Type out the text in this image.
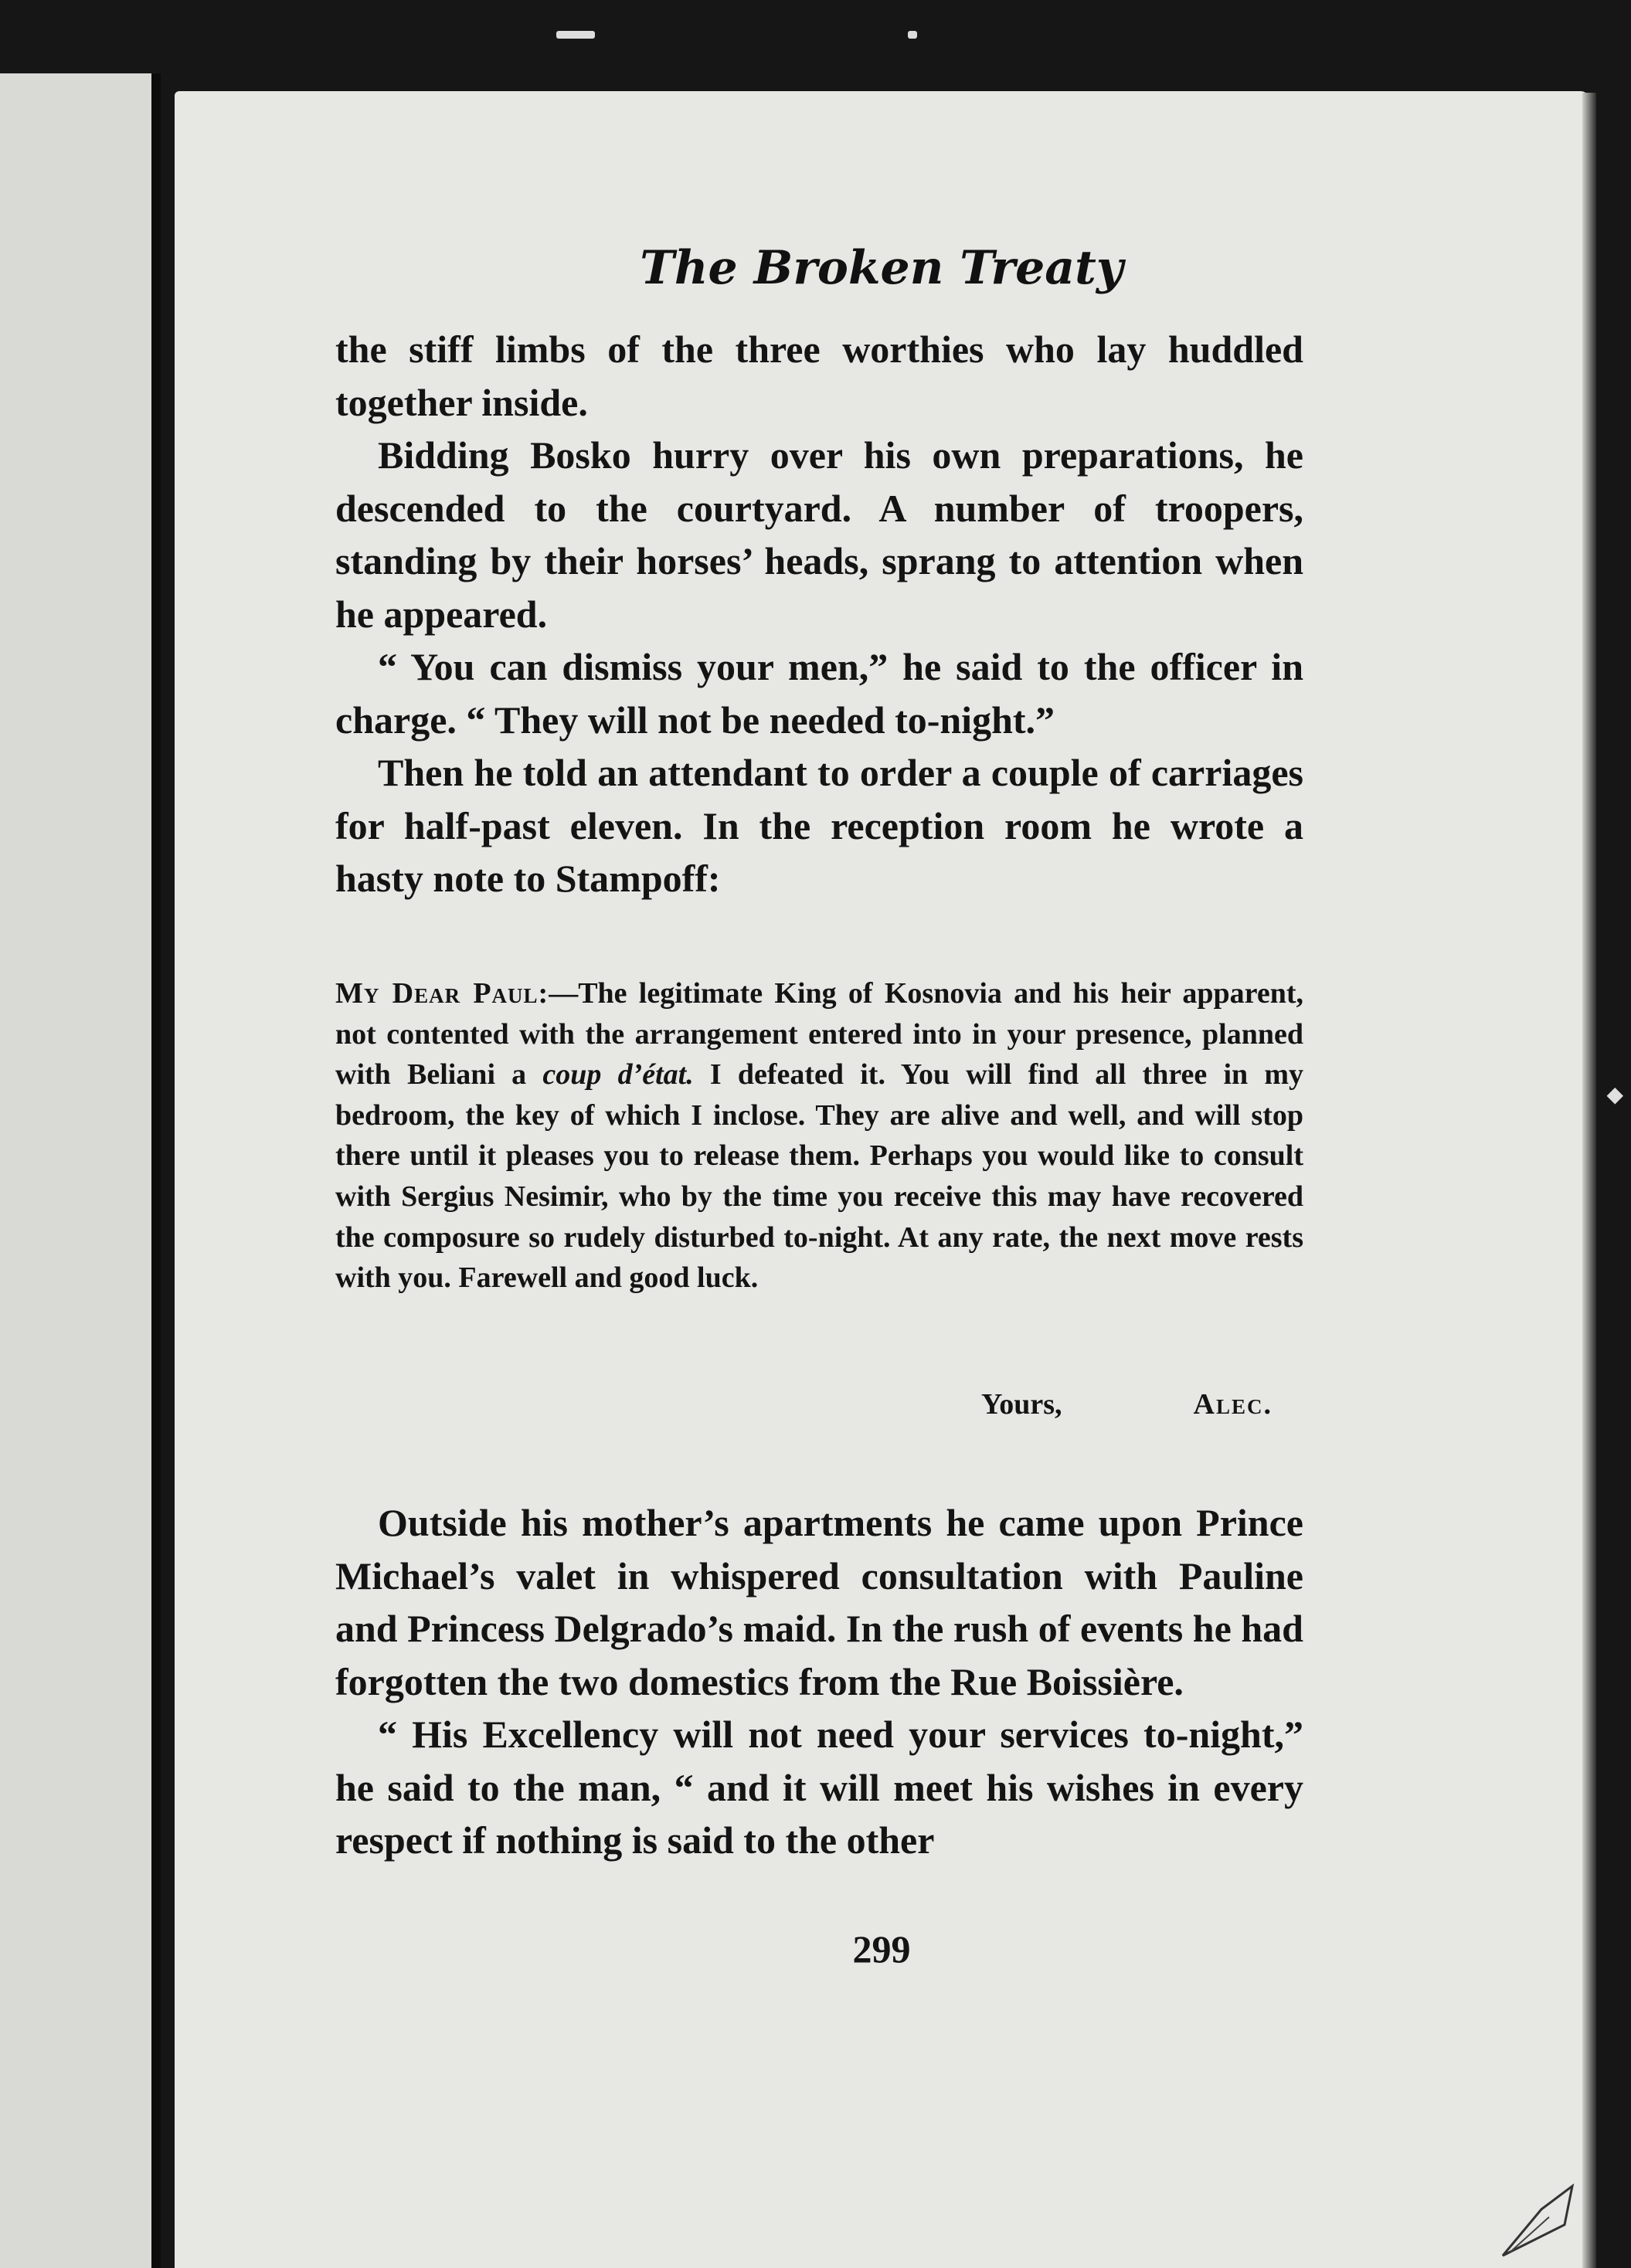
◆
The Broken Treaty

the stiff limbs of the three worthies who lay huddled together inside.

Bidding Bosko hurry over his own preparations, he descended to the courtyard. A number of troopers, standing by their horses’ heads, sprang to attention when he appeared.

“ You can dismiss your men,” he said to the officer in charge. “ They will not be needed to-night.”

Then he told an attendant to order a couple of carriages for half-past eleven. In the reception room he wrote a hasty note to Stampoff:

My Dear Paul:—The legitimate King of Kosnovia and his heir apparent, not contented with the arrangement entered into in your presence, planned with Beliani a coup d’état. I defeated it. You will find all three in my bedroom, the key of which I inclose. They are alive and well, and will stop there until it pleases you to release them. Perhaps you would like to consult with Sergius Nesimir, who by the time you receive this may have recovered the composure so rudely disturbed to-night. At any rate, the next move rests with you. Farewell and good luck.

Yours,	Alec.

Outside his mother’s apartments he came upon Prince Michael’s valet in whispered consultation with Pauline and Princess Delgrado’s maid. In the rush of events he had forgotten the two domestics from the Rue Boissière.

“ His Excellency will not need your services to-night,” he said to the man, “ and it will meet his wishes in every respect if nothing is said to the other

299
